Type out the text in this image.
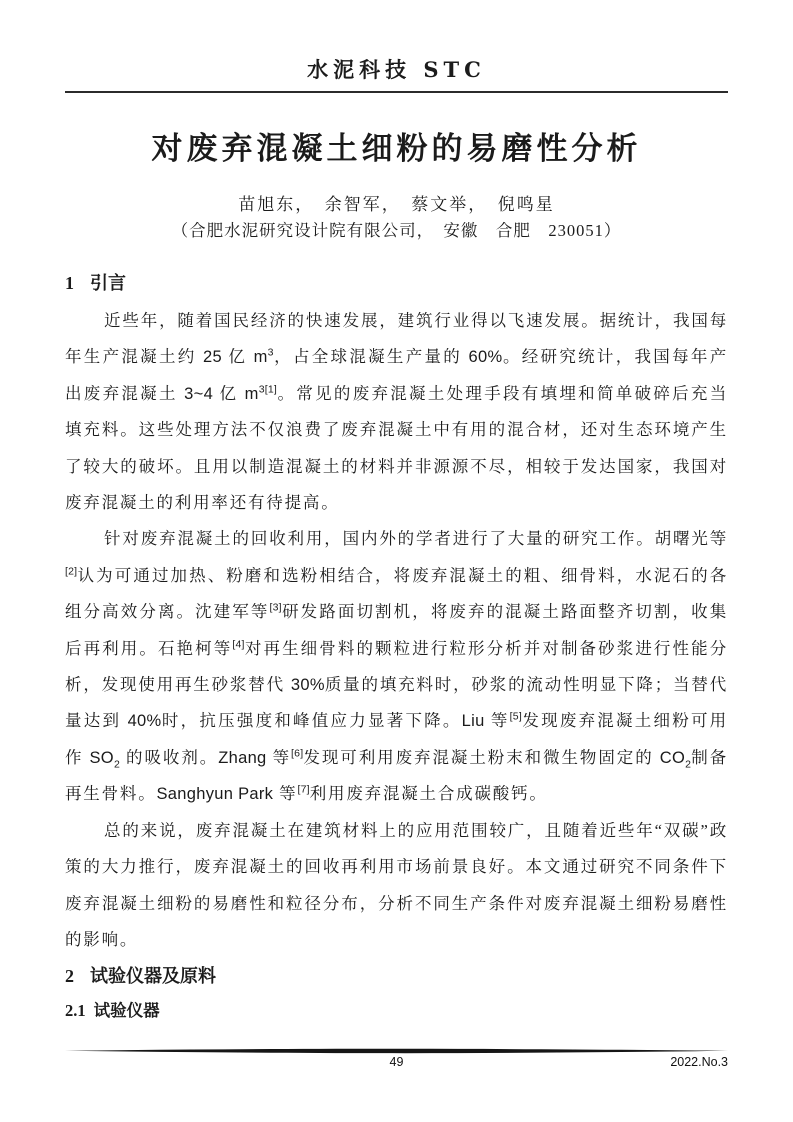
水泥科技 STC
对废弃混凝土细粉的易磨性分析
苗旭东，　余智军，　蔡文举，　倪鸣星
（合肥水泥研究设计院有限公司，　安徽　合肥　230051）
1 引言

近些年，随着国民经济的快速发展，建筑行业得以飞速发展。据统计，我国每年生产混凝土约 25 亿 $m^3$，占全球混凝生产量的 60%。经研究统计，我国每年产出废弃混凝土 3~4 亿 $m^{3[1]}$。常见的废弃混凝土处理手段有填埋和简单破碎后充当填充料。这些处理方法不仅浪费了废弃混凝土中有用的混合材，还对生态环境产生了较大的破坏。且用以制造混凝土的材料并非源源不尽，相较于发达国家，我国对废弃混凝土的利用率还有待提高。

针对废弃混凝土的回收利用，国内外的学者进行了大量的研究工作。胡曙光等[2]认为可通过加热、粉磨和选粉相结合，将废弃混凝土的粗、细骨料，水泥石的各组分高效分离。沈建军等[3]研发路面切割机，将废弃的混凝土路面整齐切割，收集后再利用。石艳柯等[4]对再生细骨料的颗粒进行粒形分析并对制备砂浆进行性能分析，发现使用再生砂浆替代 30%质量的填充料时，砂浆的流动性明显下降；当替代量达到 40%时，抗压强度和峰值应力显著下降。Liu 等[5]发现废弃混凝土细粉可用作 $SO_2$ 的吸收剂。Zhang 等[6]发现可利用废弃混凝土粉末和微生物固定的 $CO_2$制备再生骨料。Sanghyun Park 等[7]利用废弃混凝土合成碳酸钙。

总的来说，废弃混凝土在建筑材料上的应用范围较广，且随着近些年“双碳”政策的大力推行，废弃混凝土的回收再利用市场前景良好。本文通过研究不同条件下废弃混凝土细粉的易磨性和粒径分布，分析不同生产条件对废弃混凝土细粉易磨性的影响。

2 试验仪器及原料
2.1 试验仪器
49	2022.No.3
